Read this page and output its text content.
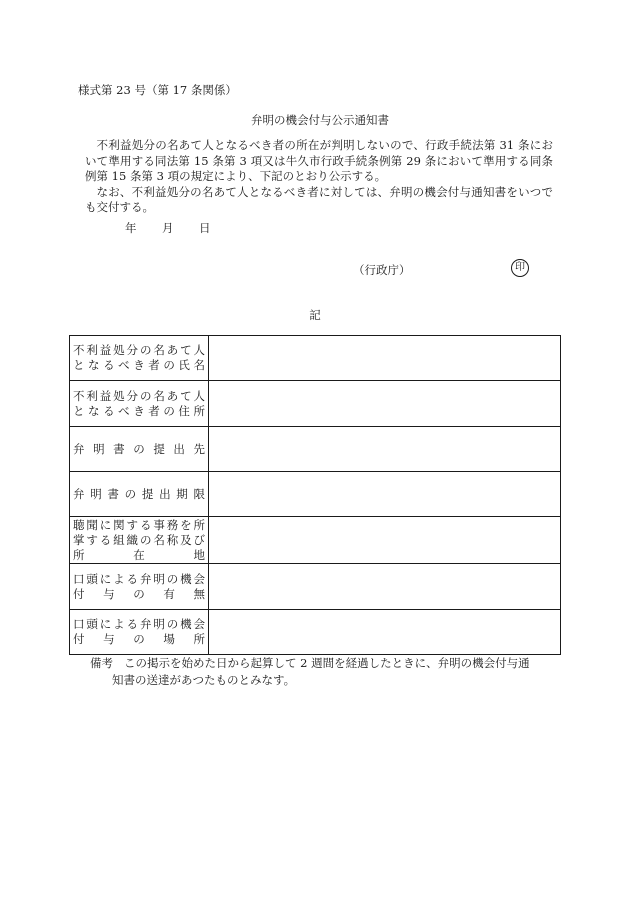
様式第 23 号（第 17 条関係）
弁明の機会付与公示通知書

不利益処分の名あて人となるべき者の所在が判明しないので、行政手続法第 31 条において準用する同法第 15 条第 3 項又は牛久市行政手続条例第 29 条において準用する同条例第 15 条第 3 項の規定により、下記のとおり公示する。

なお、不利益処分の名あて人となるべき者に対しては、弁明の機会付与通知書をいつでも交付する。

年 月 日
（行政庁）	印
記
不利益処分の名あて人
となるべき者の氏名	

不利益処分の名あて人
となるべき者の住所	

弁明書の提出先	

弁明書の提出期限	

聴聞に関する事務を所
掌する組織の名称及び
所在地	

口頭による弁明の機会
付与の有無	

口頭による弁明の機会
付与の場所	

備考 この掲示を始めた日から起算して 2 週間を経過したときに、弁明の機会付与通
知書の送達があつたものとみなす。
